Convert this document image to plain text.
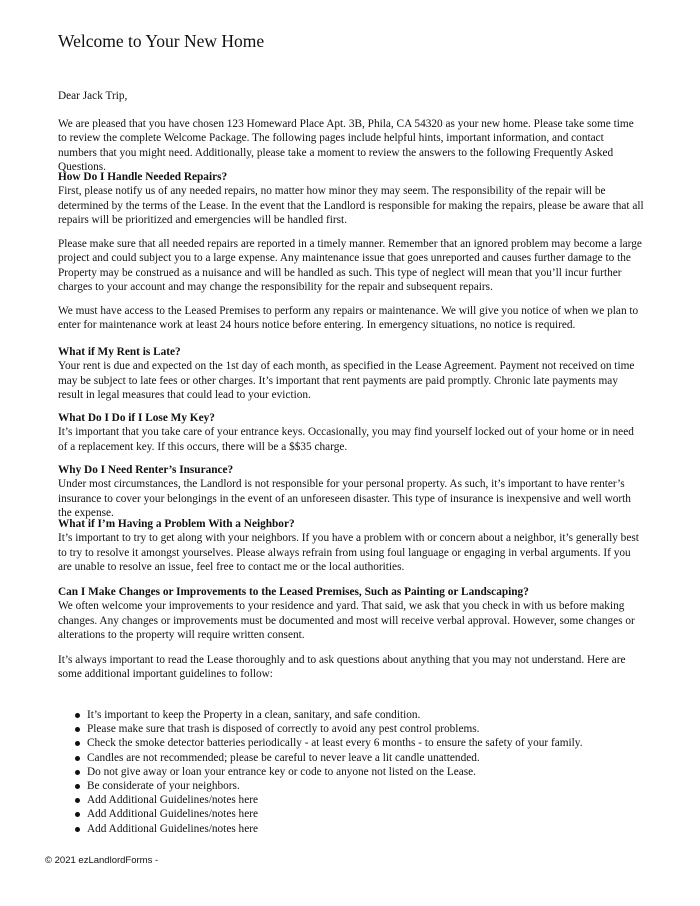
Welcome to Your New Home

Dear Jack Trip,

We are pleased that you have chosen 123 Homeward Place Apt. 3B, Phila, CA 54320 as your new home. Please take some time to review the complete Welcome Package. The following pages include helpful hints, important information, and contact numbers that you might need. Additionally, please take a moment to review the answers to the following Frequently Asked Questions.

How Do I Handle Needed Repairs?
First, please notify us of any needed repairs, no matter how minor they may seem. The responsibility of the repair will be determined by the terms of the Lease. In the event that the Landlord is responsible for making the repairs, please be aware that all repairs will be prioritized and emergencies will be handled first.

Please make sure that all needed repairs are reported in a timely manner. Remember that an ignored problem may become a large project and could subject you to a large expense. Any maintenance issue that goes unreported and causes further damage to the Property may be construed as a nuisance and will be handled as such. This type of neglect will mean that you’ll incur further charges to your account and may change the responsibility for the repair and subsequent repairs.

We must have access to the Leased Premises to perform any repairs or maintenance. We will give you notice of when we plan to enter for maintenance work at least 24 hours notice before entering. In emergency situations, no notice is required.

What if My Rent is Late?
Your rent is due and expected on the 1st day of each month, as specified in the Lease Agreement. Payment not received on time may be subject to late fees or other charges. It’s important that rent payments are paid promptly. Chronic late payments may result in legal measures that could lead to your eviction.
What Do I Do if I Lose My Key?
It’s important that you take care of your entrance keys. Occasionally, you may find yourself locked out of your home or in need of a replacement key. If this occurs, there will be a $$35 charge.
Why Do I Need Renter’s Insurance?
Under most circumstances, the Landlord is not responsible for your personal property. As such, it’s important to have renter’s insurance to cover your belongings in the event of an unforeseen disaster. This type of insurance is inexpensive and well worth the expense.
What if I’m Having a Problem With a Neighbor?
It’s important to try to get along with your neighbors. If you have a problem with or concern about a neighbor, it’s generally best to try to resolve it amongst yourselves. Please always refrain from using foul language or engaging in verbal arguments. If you are unable to resolve an issue, feel free to contact me or the local authorities.
Can I Make Changes or Improvements to the Leased Premises, Such as Painting or Landscaping?
We often welcome your improvements to your residence and yard. That said, we ask that you check in with us before making changes. Any changes or improvements must be documented and most will receive verbal approval. However, some changes or alterations to the property will require written consent.

It’s always important to read the Lease thoroughly and to ask questions about anything that you may not understand. Here are some additional important guidelines to follow:

It’s important to keep the Property in a clean, sanitary, and safe condition.
Please make sure that trash is disposed of correctly to avoid any pest control problems.
Check the smoke detector batteries periodically - at least every 6 months - to ensure the safety of your family.
Candles are not recommended; please be careful to never leave a lit candle unattended.
Do not give away or loan your entrance key or code to anyone not listed on the Lease.
Be considerate of your neighbors.
Add Additional Guidelines/notes here
Add Additional Guidelines/notes here
Add Additional Guidelines/notes here
© 2021 ezLandlordForms -
